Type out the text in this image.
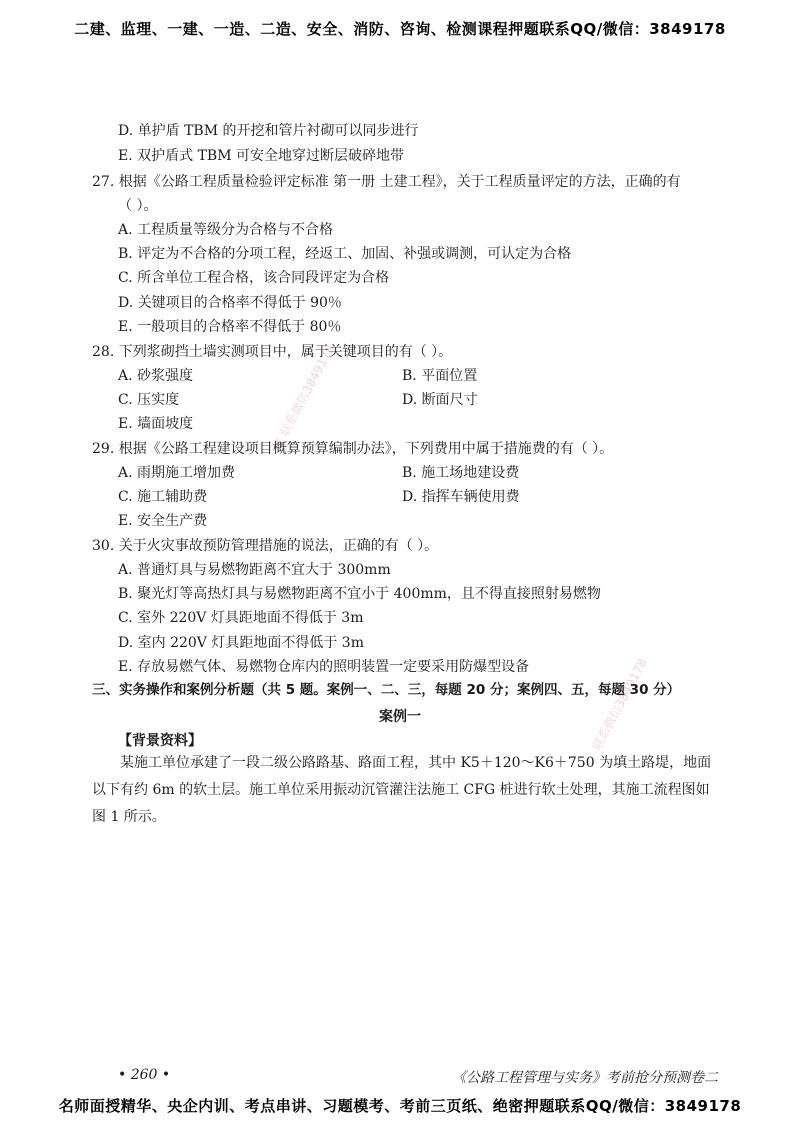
二建、监理、一建、一造、二造、安全、消防、咨询、检测课程押题联系QQ/微信：3849178
D. 单护盾 TBM 的开挖和管片衬砌可以同步进行
E. 双护盾式 TBM 可安全地穿过断层破碎地带
27. 根据《公路工程质量检验评定标准 第一册 土建工程》，关于工程质量评定的方法，正确的有
（ ）。
A. 工程质量等级分为合格与不合格
B. 评定为不合格的分项工程，经返工、加固、补强或调测，可认定为合格
C. 所含单位工程合格，该合同段评定为合格
D. 关键项目的合格率不得低于 90％
E. 一般项目的合格率不得低于 80％
28. 下列浆砌挡土墙实测项目中，属于关键项目的有（ ）。
A. 砂浆强度	B. 平面位置
C. 压实度	D. 断面尺寸
E. 墙面坡度
29. 根据《公路工程建设项目概算预算编制办法》，下列费用中属于措施费的有（ ）。
A. 雨期施工增加费	B. 施工场地建设费
C. 施工辅助费	D. 指挥车辆使用费
E. 安全生产费
30. 关于火灾事故预防管理措施的说法，正确的有（ ）。
A. 普通灯具与易燃物距离不宜大于 300mm
B. 聚光灯等高热灯具与易燃物距离不宜小于 400mm，且不得直接照射易燃物
C. 室外 220V 灯具距地面不得低于 3m
D. 室内 220V 灯具距地面不得低于 3m
E. 存放易燃气体、易燃物仓库内的照明装置一定要采用防爆型设备
三、实务操作和案例分析题（共 5 题。案例一、二、三，每题 20 分；案例四、五，每题 30 分）
案例一
【背景资料】
某施工单位承建了一段二级公路路基、路面工程，其中 K5＋120～K6＋750 为填土路堤，地面以下有约 6m 的软土层。施工单位采用振动沉管灌注法施工 CFG 桩进行软土处理，其施工流程图如图 1 所示。
群 联系微信3849178
联系微信3849178
• 260 •	《公路工程管理与实务》考前抢分预测卷二
名师面授精华、央企内训、考点串讲、习题模考、考前三页纸、绝密押题联系QQ/微信：3849178
